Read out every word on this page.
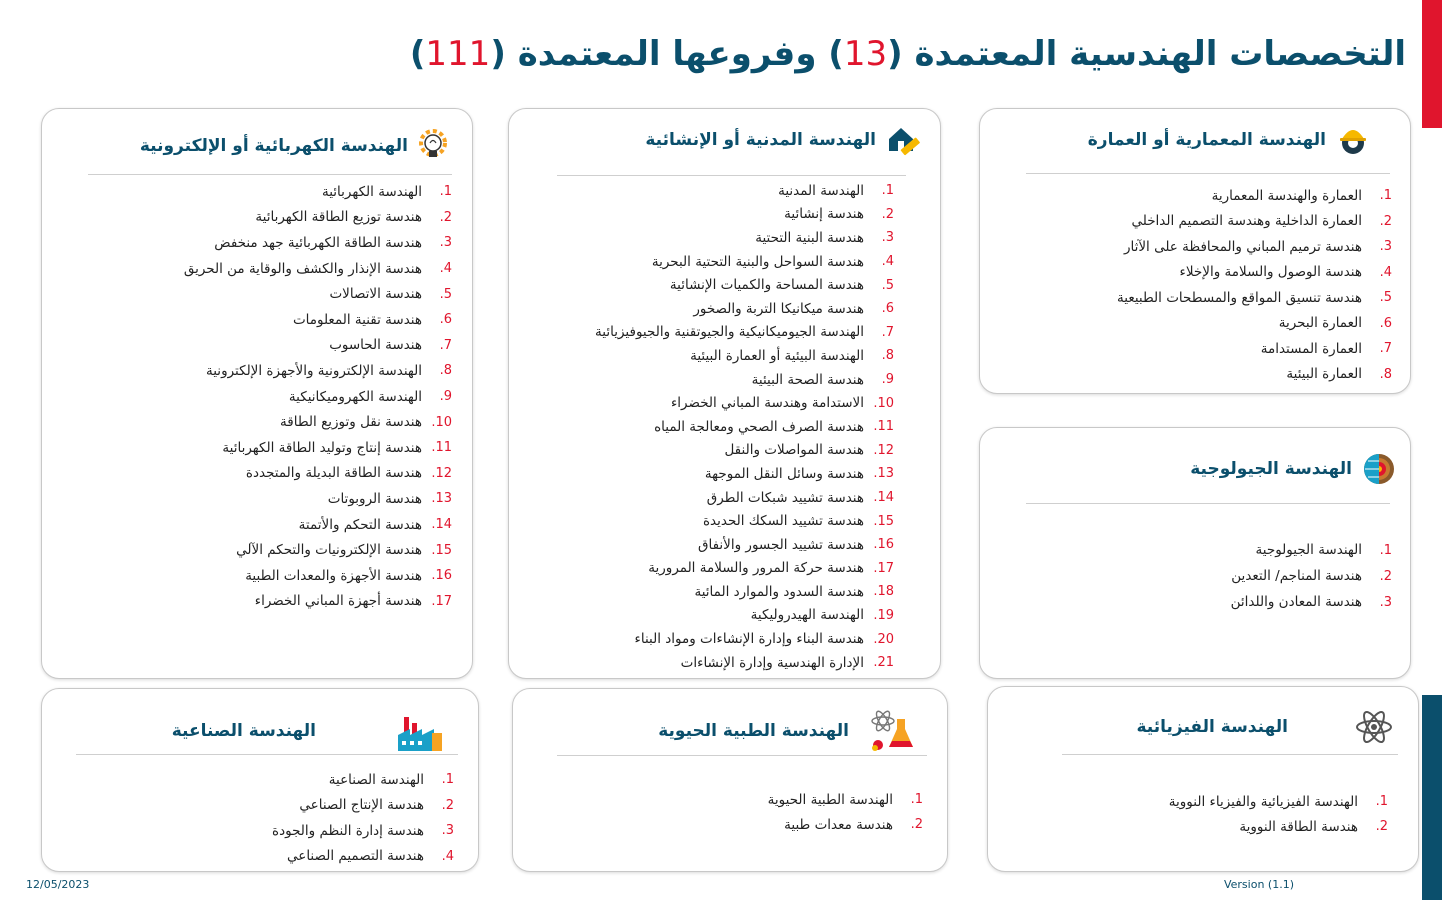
التخصصات الهندسية المعتمدة (13) وفروعها المعتمدة (111)
الهندسة المعمارية أو العمارة
1.
العمارة والهندسة المعمارية
2.
العمارة الداخلية وهندسة التصميم الداخلي
3.
هندسة ترميم المباني والمحافظة على الآثار
4.
هندسة الوصول والسلامة والإخلاء
5.
هندسة تنسيق المواقع والمسطحات الطبيعية
6.
العمارة البحرية
7.
العمارة المستدامة
8.
العمارة البيئية
الهندسة الجيولوجية
1.
الهندسة الجيولوجية
2.
هندسة المناجم/ التعدين
3.
هندسة المعادن واللدائن
الهندسة الفيزيائية
1.
الهندسة الفيزيائية والفيزياء النووية
2.
هندسة الطاقة النووية
الهندسة المدنية أو الإنشائية
1.
الهندسة المدنية
2.
هندسة إنشائية
3.
هندسة البنية التحتية
4.
هندسة السواحل والبنية التحتية البحرية
5.
هندسة المساحة والكميات الإنشائية
6.
هندسة ميكانيكا التربة والصخور
7.
الهندسة الجيوميكانيكية والجيوتقنية والجيوفيزيائية
8.
الهندسة البيئية أو العمارة البيئية
9.
هندسة الصحة البيئية
10.
الاستدامة وهندسة المباني الخضراء
11.
هندسة الصرف الصحي ومعالجة المياه
12.
هندسة المواصلات والنقل
13.
هندسة وسائل النقل الموجهة
14.
هندسة تشييد شبكات الطرق
15.
هندسة تشييد السكك الحديدة
16.
هندسة تشييد الجسور والأنفاق
17.
هندسة حركة المرور والسلامة المرورية
18.
هندسة السدود والموارد المائية
19.
الهندسة الهيدروليكية
20.
هندسة البناء وإدارة الإنشاءات ومواد البناء
21.
الإدارة الهندسية وإدارة الإنشاءات
الهندسة الطبية الحيوية
1.
الهندسة الطبية الحيوية
2.
هندسة معدات طبية
الهندسة الكهربائية أو الإلكترونية
1.
الهندسة الكهربائية
2.
هندسة توزيع الطاقة الكهربائية
3.
هندسة الطاقة الكهربائية جهد منخفض
4.
هندسة الإنذار والكشف والوقاية من الحريق
5.
هندسة الاتصالات
6.
هندسة تقنية المعلومات
7.
هندسة الحاسوب
8.
الهندسة الإلكترونية والأجهزة الإلكترونية
9.
الهندسة الكهروميكانيكية
10.
هندسة نقل وتوزيع الطاقة
11.
هندسة إنتاج وتوليد الطاقة الكهربائية
12.
هندسة الطاقة البديلة والمتجددة
13.
هندسة الروبوتات
14.
هندسة التحكم والأتمتة
15.
هندسة الإلكترونيات والتحكم الآلي
16.
هندسة الأجهزة والمعدات الطبية
17.
هندسة أجهزة المباني الخضراء
الهندسة الصناعية
1.
الهندسة الصناعية
2.
هندسة الإنتاج الصناعي
3.
هندسة إدارة النظم والجودة
4.
هندسة التصميم الصناعي
12/05/2023	Version (1.1)
